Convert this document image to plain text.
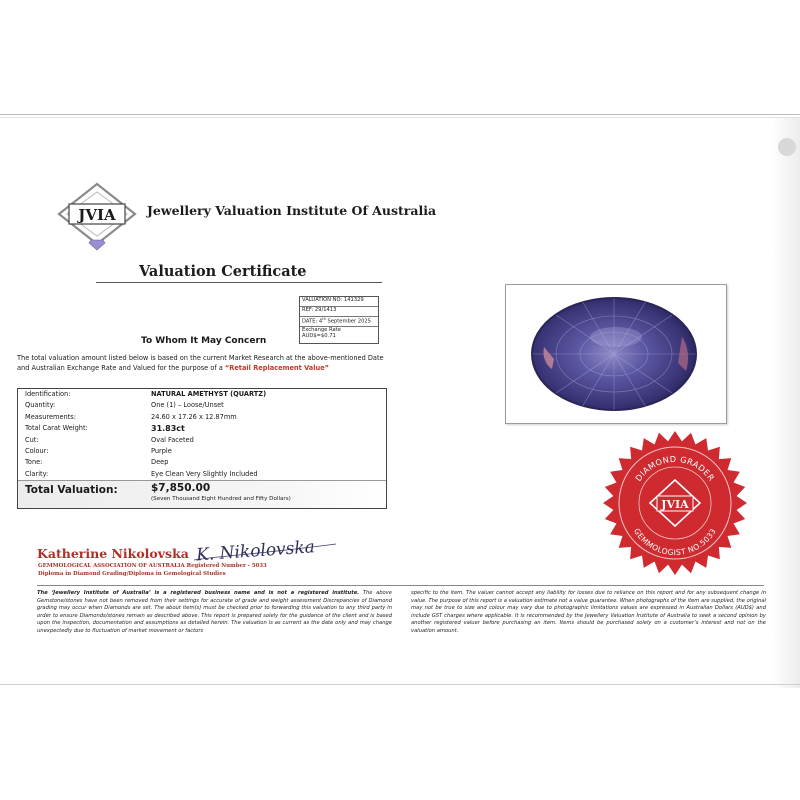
JVIA	Jewellery Valuation Institute Of Australia
Valuation Certificate
VALUATION NO: 141329
REF: 29/1413
DATE: 4th September 2025
Exchange Rate
AUD$=$0.71
To Whom It May Concern
The total valuation amount listed below is based on the current Market Research at the above-mentioned Date and Australian Exchange Rate and Valued for the purpose of a “Retail Replacement Value”
Identification:	NATURAL AMETHYST (QUARTZ)
Quantity:	One (1) – Loose/Unset
Measurements:	24.60 x 17.26 x 12.87mm
Total Carat Weight:	31.83ct
Cut:	Oval Faceted
Colour:	Purple
Tone:	Deep
Clarity:	Eye Clean Very Slightly Included
Total Valuation:	$7,850.00
(Seven Thousand Eight Hundred and Fifty Dollars)
Katherine Nikolovska K. Nikolovska
GEMMOLOGICAL ASSOCIATION OF AUSTRALIA Registered Number - 5033
Diploma in Diamond Grading/Diploma in Gemological Studies
The ‘Jewellery Institute of Australia’ is a registered business name and is not a registered institute. The above Gemstone/stones have not been removed from their settings for accurate of grade and weight assessment Discrepancies of Diamond grading may occur when Diamonds are set. The about item(s) must be checked prior to forwarding this valuation to any third party in order to ensure Diamonds/stones remain as described above. This report is prepared solely for the guidance of the client and is based upon the inspection, documentation and assumptions as detailed herein. The valuation is as current as the date only and may change unexpectedly due to fluctuation of market movement or factors
specific to the item. The valuer cannot accept any liability for losses due to reliance on this report and for any subsequent change in value. The purpose of this report is a valuation estimate not a value guarantee. When photographs of the item are supplied, the original may not be true to size and colour may vary due to photographic limitations values are expressed in Australian Dollars (AUD$) and include GST charges where applicable. It is recommended by the Jewellery Valuation Institute of Australia to seek a second opinion by another registered valuer before purchasing an item. Items should be purchased solely on a customer’s interest and not on the valuation amount.
DIAMOND GRADER
GEMMOLOGIST NO.5033
JVIA
